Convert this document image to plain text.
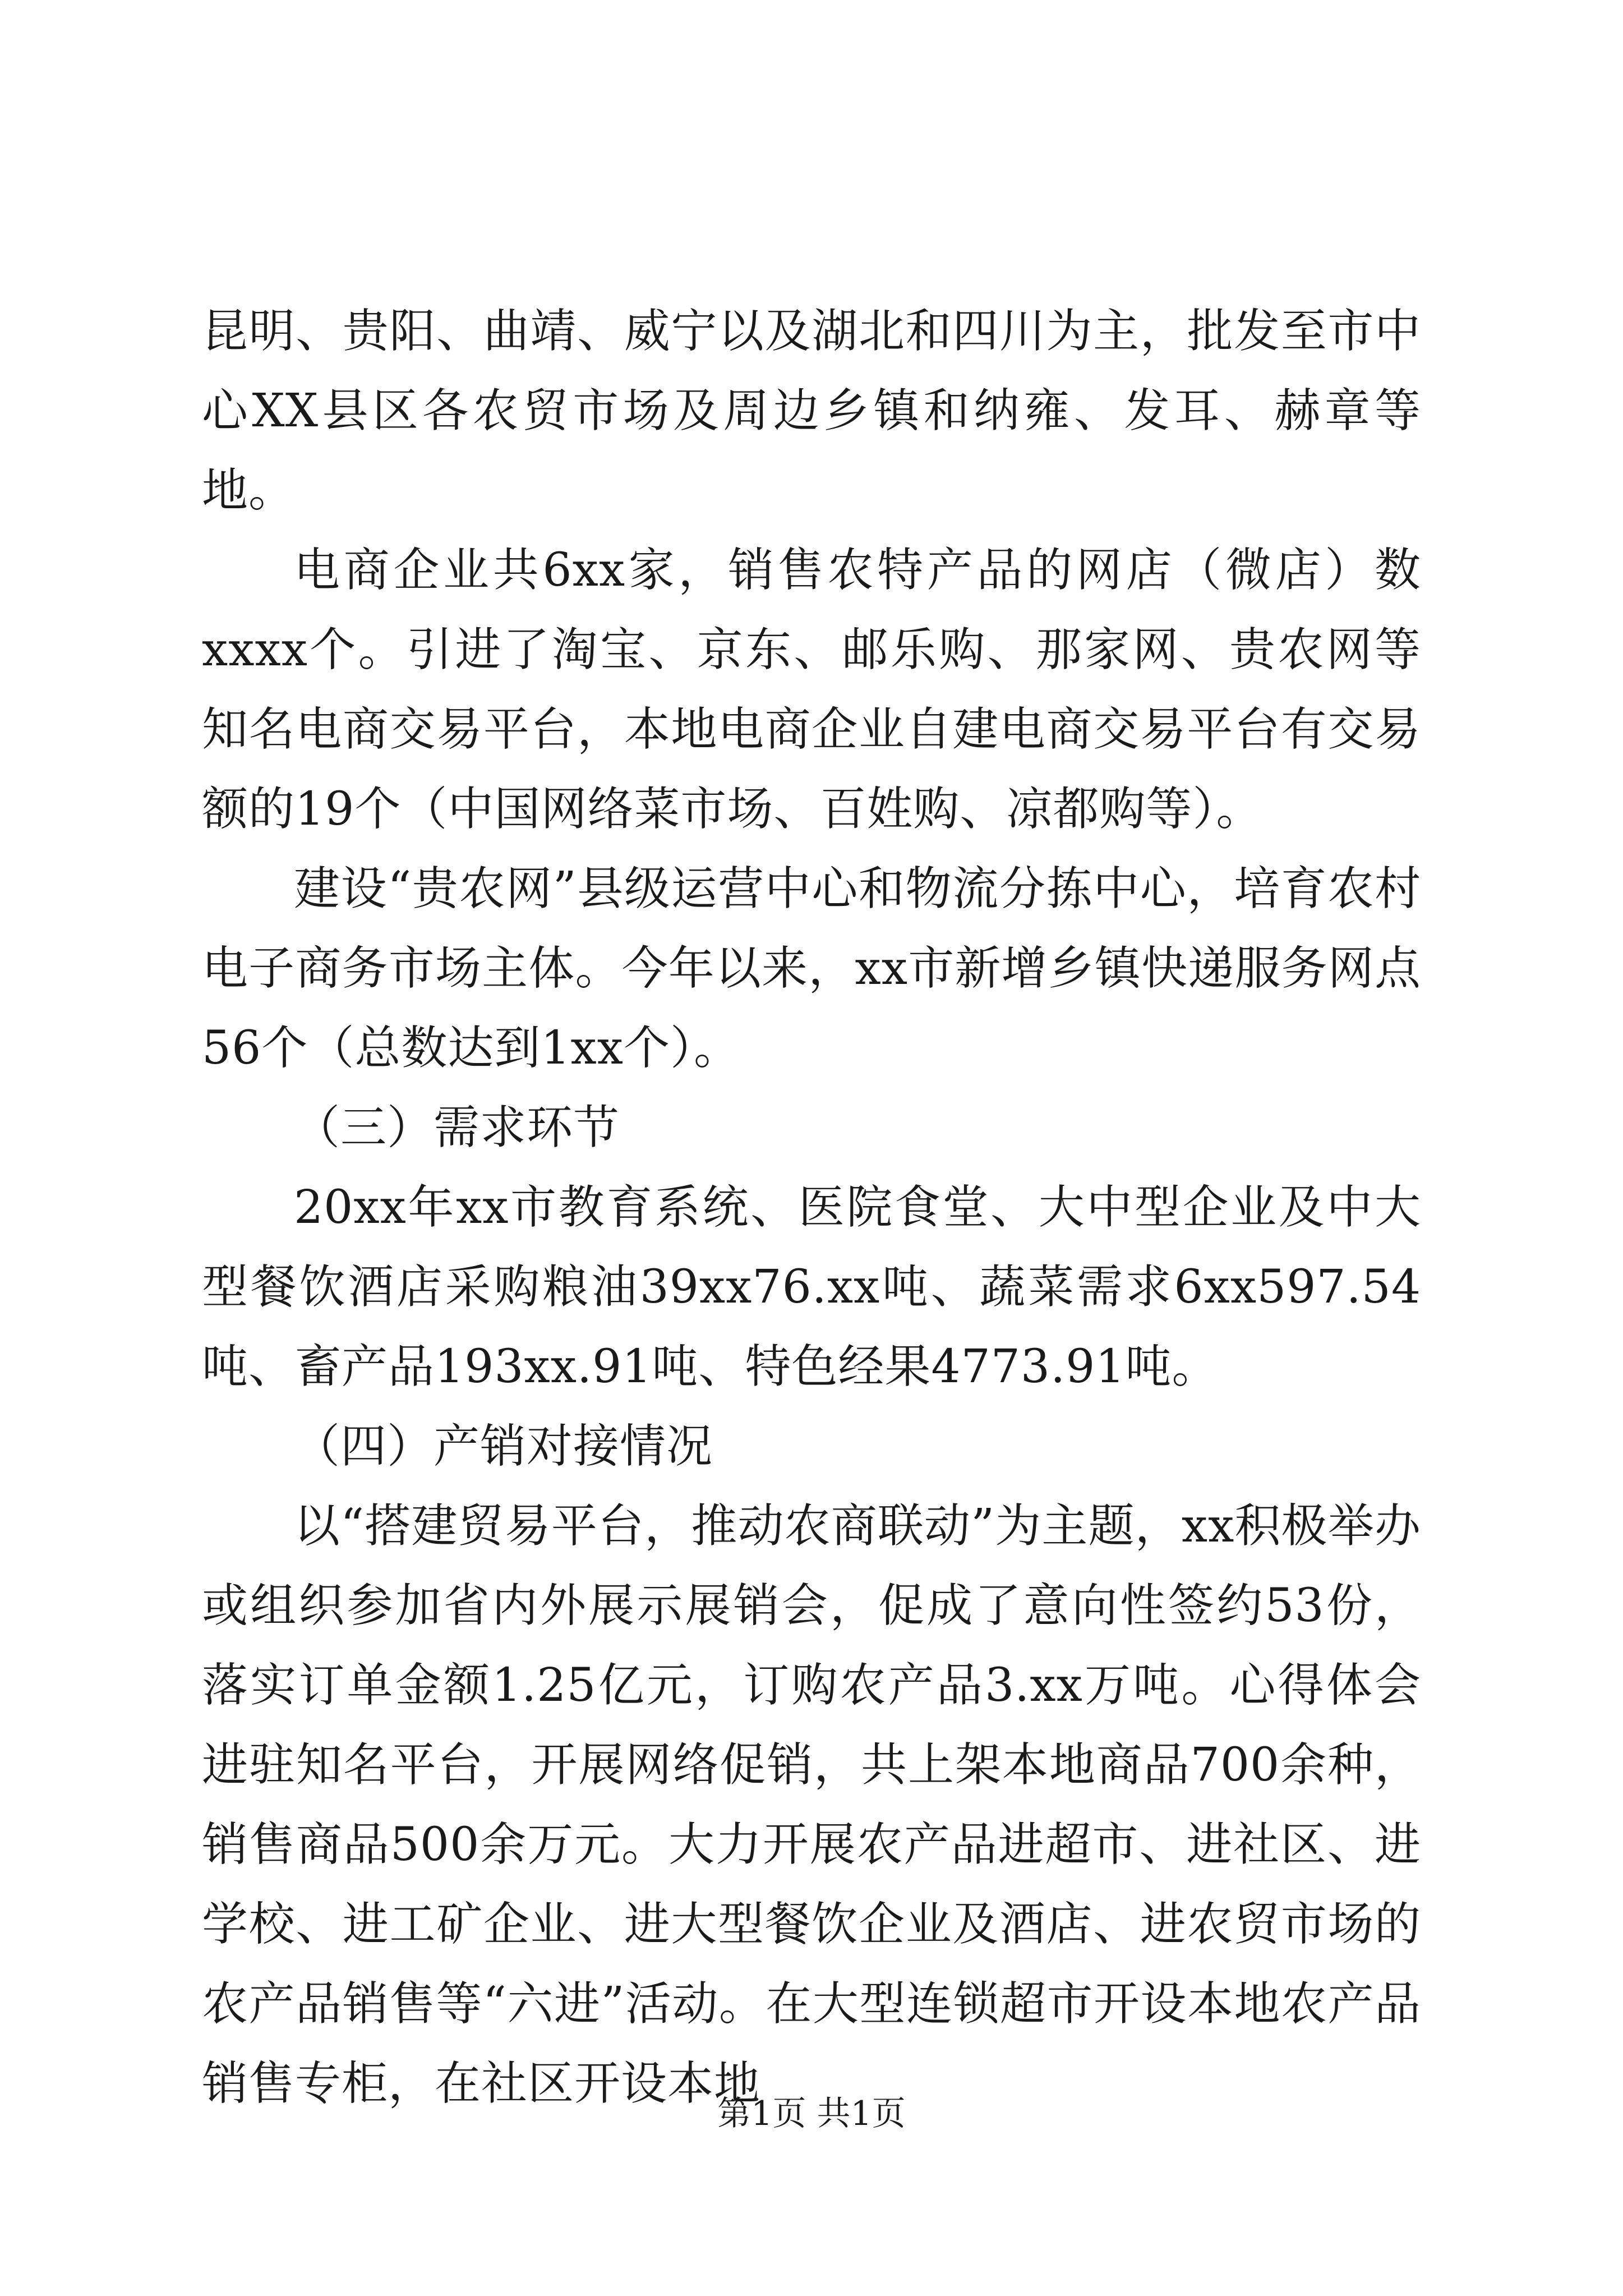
昆明、贵阳、曲靖、威宁以及湖北和四川为主，批发至市中心XX县区各农贸市场及周边乡镇和纳雍、发耳、赫章等地。

电商企业共6xx家，销售农特产品的网店（微店）数xxxx个。引进了淘宝、京东、邮乐购、那家网、贵农网等知名电商交易平台，本地电商企业自建电商交易平台有交易额的19个（中国网络菜市场、百姓购、凉都购等）。

建设“贵农网”县级运营中心和物流分拣中心，培育农村电子商务市场主体。今年以来，xx市新增乡镇快递服务网点56个（总数达到1xx个）。

（三）需求环节

20xx年xx市教育系统、医院食堂、大中型企业及中大型餐饮酒店采购粮油39xx76.xx吨、蔬菜需求6xx597.54吨、畜产品193xx.91吨、特色经果4773.91吨。

（四）产销对接情况

以“搭建贸易平台，推动农商联动”为主题，xx积极举办或组织参加省内外展示展销会，促成了意向性签约53份，落实订单金额1.25亿元，订购农产品3.xx万吨。心得体会进驻知名平台，开展网络促销，共上架本地商品700余种，销售商品500余万元。大力开展农产品进超市、进社区、进学校、进工矿企业、进大型餐饮企业及酒店、进农贸市场的农产品销售等“六进”活动。在大型连锁超市开设本地农产品销售专柜，在社区开设本地

第1页 共1页
